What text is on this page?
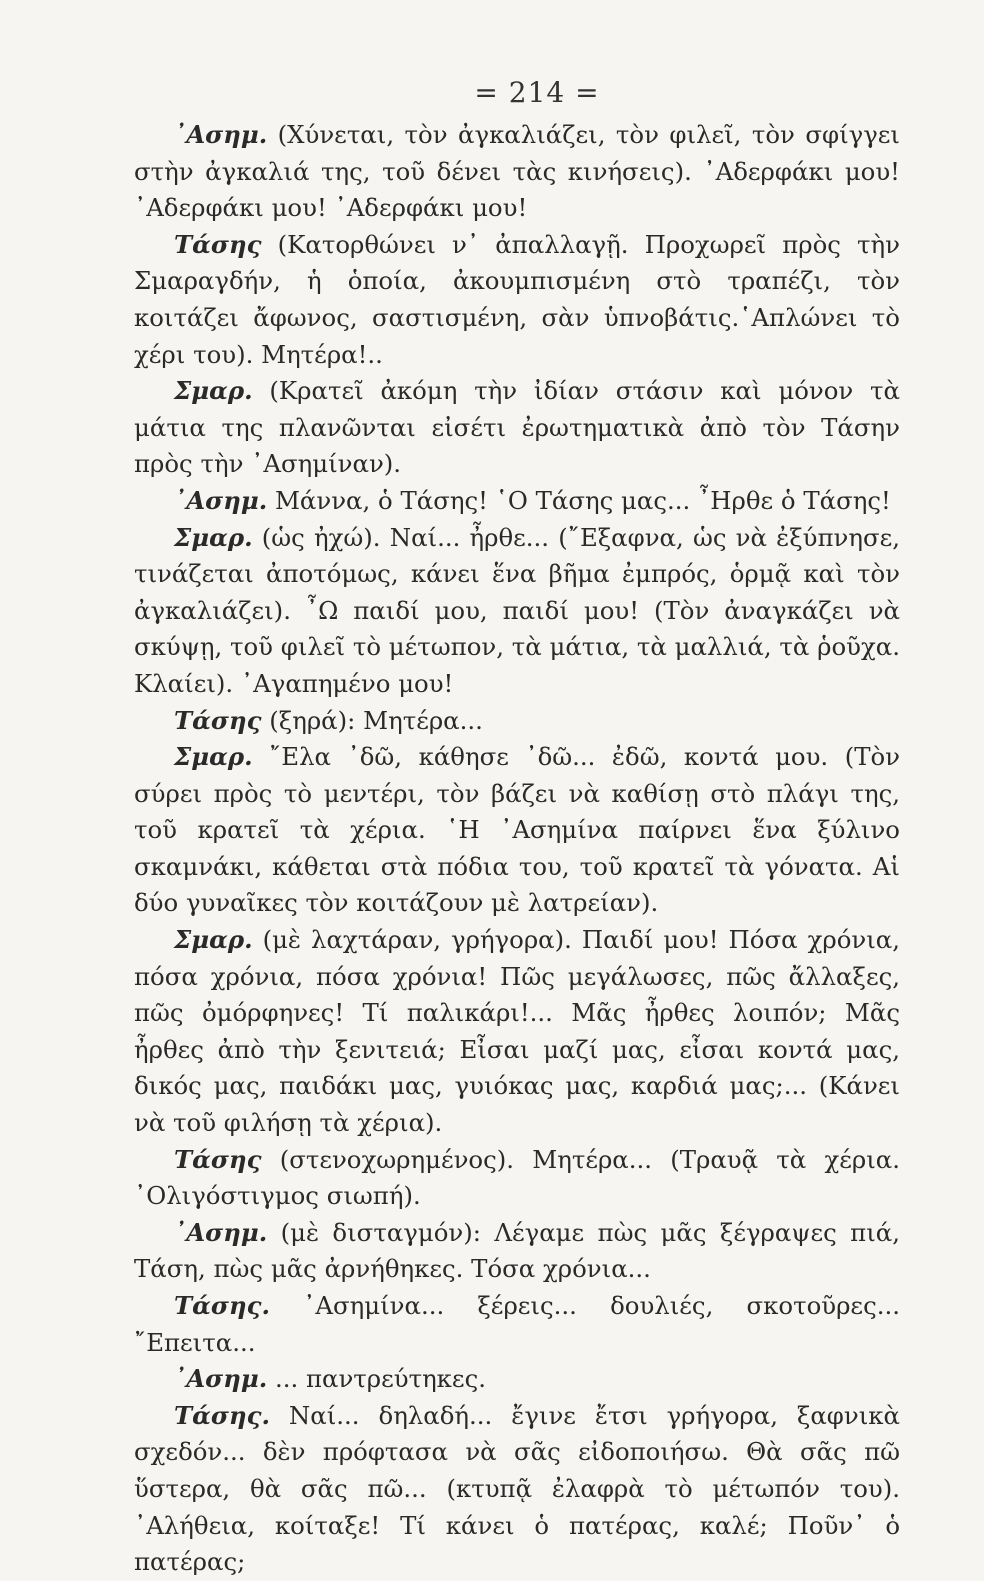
= 214 =

᾿Ασημ. (Χύνεται, τὸν ἀγκαλιάζει, τὸν φιλεῖ, τὸν σφίγγει στὴν ἀγκαλιά της, τοῦ δένει τὰς κινήσεις). ᾿Αδερφάκι μου! ᾿Αδερφάκι μου! ᾿Αδερφάκι μου!

Τάσης (Κατορθώνει ν᾿ ἀπαλλαγῇ. Προχωρεῖ πρὸς τὴν Σμαραγδήν, ἡ ὁποία, ἀκουμπισμένη στὸ τραπέζι, τὸν κοιτάζει ἄφωνος, σαστισμένη, σὰν ὑπνοβάτις.῾Απλώνει τὸ χέρι του). Μητέρα!..

Σμαρ. (Κρατεῖ ἀκόμη τὴν ἰδίαν στάσιν καὶ μόνον τὰ μάτια της πλανῶνται εἰσέτι ἐρωτηματικὰ ἀπὸ τὸν Τάσην πρὸς τὴν ᾿Ασημίναν).

᾿Ασημ. Μάννα, ὁ Τάσης! ῾Ο Τάσης μας... ῏Ηρθε ὁ Τάσης!

Σμαρ. (ὡς ἠχώ). Ναί... ἦρθε... (῎Εξαφνα, ὡς νὰ ἐξύπνησε, τινάζεται ἀποτόμως, κάνει ἕνα βῆμα ἐμπρός, ὁρμᾷ καὶ τὸν ἀγκαλιάζει). ῏Ω παιδί μου, παιδί μου! (Τὸν ἀναγκάζει νὰ σκύψῃ, τοῦ φιλεῖ τὸ μέτωπον, τὰ μάτια, τὰ μαλλιά, τὰ ῥοῦχα. Κλαίει). ᾿Αγαπημένο μου!

Τάσης (ξηρά): Μητέρα...

Σμαρ. ῎Ελα ᾿δῶ, κάθησε ᾿δῶ... ἐδῶ, κοντά μου. (Τὸν σύρει πρὸς τὸ μεντέρι, τὸν βάζει νὰ καθίσῃ στὸ πλάγι της, τοῦ κρατεῖ τὰ χέρια. ῾Η ᾿Ασημίνα παίρνει ἕνα ξύλινο σκαμνάκι, κάθεται στὰ πόδια του, τοῦ κρατεῖ τὰ γόνατα. Αἱ δύο γυναῖκες τὸν κοιτάζουν μὲ λατρείαν).

Σμαρ. (μὲ λαχτάραν, γρήγορα). Παιδί μου! Πόσα χρόνια, πόσα χρόνια, πόσα χρόνια! Πῶς μεγάλωσες, πῶς ἄλλαξες, πῶς ὀμόρφηνες! Τί παλικάρι!... Μᾶς ἦρθες λοιπόν; Μᾶς ἦρθες ἀπὸ τὴν ξενιτειά; Εἶσαι μαζί μας, εἶσαι κοντά μας, δικός μας, παιδάκι μας, γυιόκας μας, καρδιά μας;... (Κάνει νὰ τοῦ φιλήσῃ τὰ χέρια).

Τάσης (στενοχωρημένος). Μητέρα... (Τραυᾷ τὰ χέρια. ᾿Ολιγόστιγμος σιωπή).

᾿Ασημ. (μὲ δισταγμόν): Λέγαμε πὼς μᾶς ξέγραψες πιά, Τάση, πὼς μᾶς ἀρνήθηκες. Τόσα χρόνια...

Τάσης. ᾿Ασημίνα... ξέρεις... δουλιές, σκοτοῦρες... ῎Επειτα...

᾿Ασημ. ... παντρεύτηκες.

Τάσης. Ναί... δηλαδή... ἔγινε ἔτσι γρήγορα, ξαφνικὰ σχεδόν... δὲν πρόφτασα νὰ σᾶς εἰδοποιήσω. Θὰ σᾶς πῶ ὕστερα, θὰ σᾶς πῶ... (κτυπᾷ ἐλαφρὰ τὸ μέτωπόν του). ᾿Αλήθεια, κοίταξε! Τί κάνει ὁ πατέρας, καλέ; Ποῦν᾿ ὁ πατέρας;
